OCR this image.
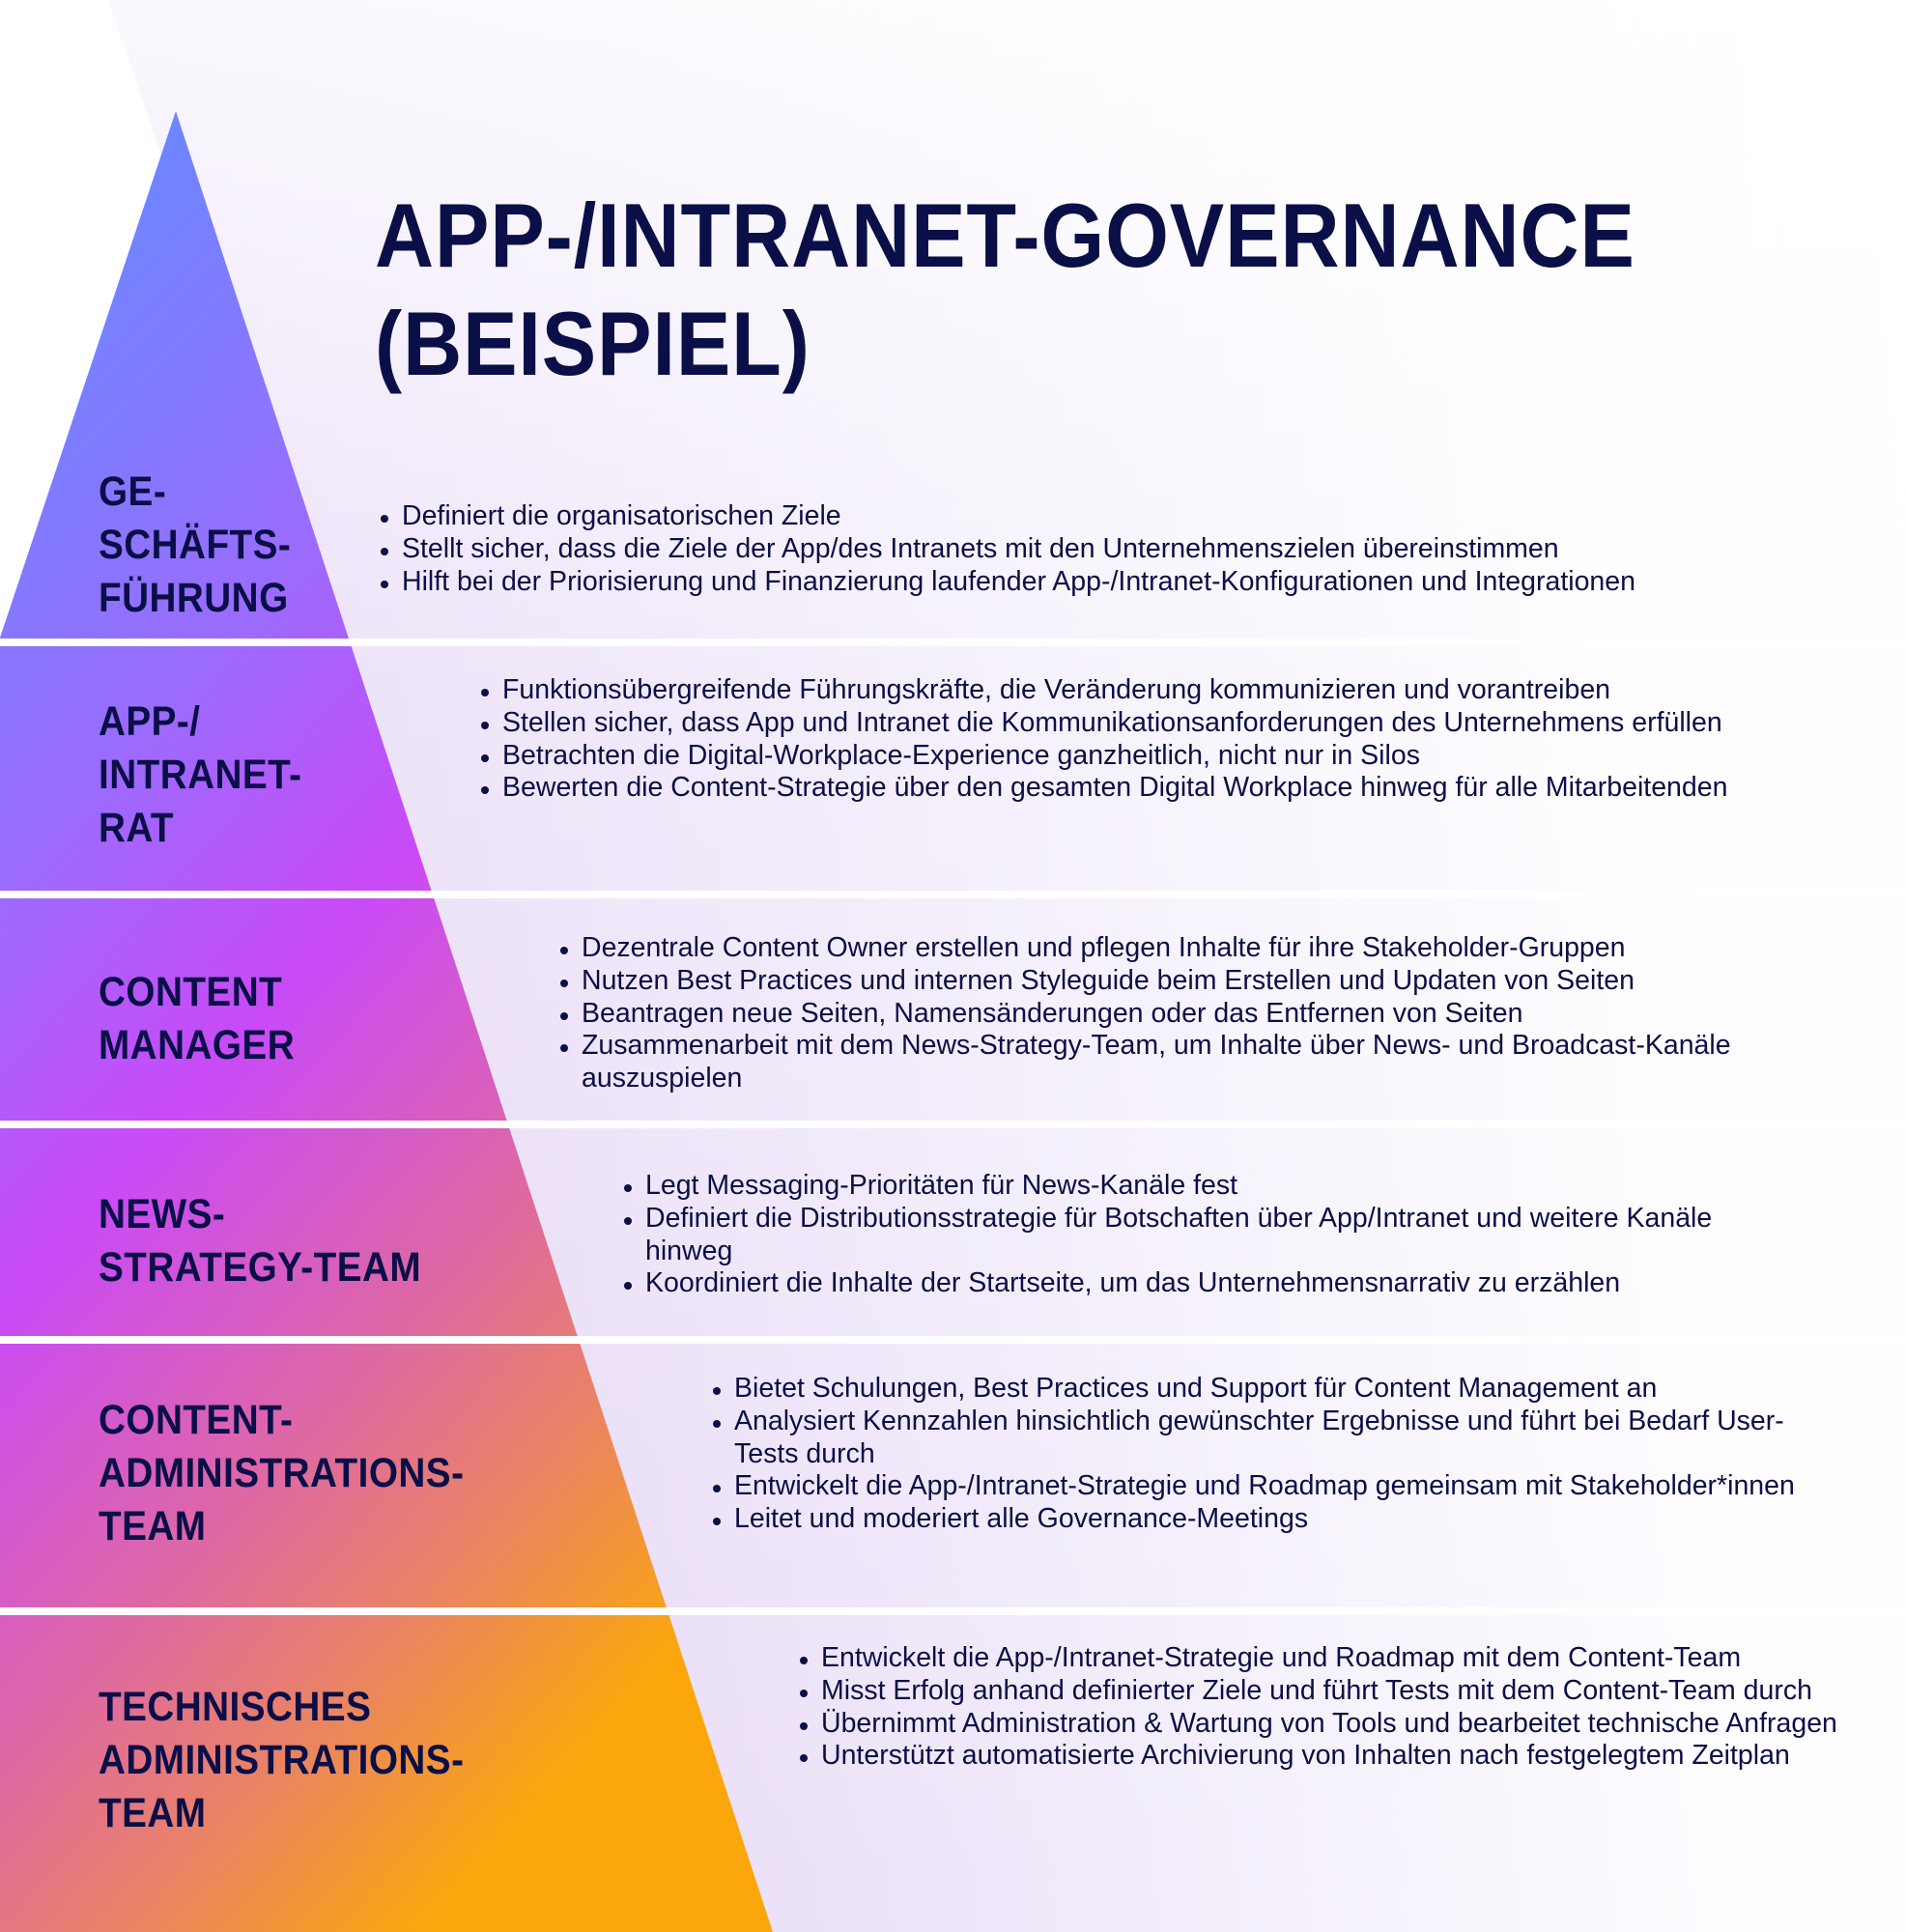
APP-/INTRANET-GOVERNANCE
(BEISPIEL)
GE-
SCHÄFTS-
FÜHRUNG
Definiert die organisatorischen Ziele
Stellt sicher, dass die Ziele der App/des Intranets mit den Unternehmenszielen übereinstimmen
Hilft bei der Priorisierung und Finanzierung laufender App-/Intranet-Konfigurationen und Integrationen
APP-/
INTRANET-
RAT
Funktionsübergreifende Führungskräfte, die Veränderung kommunizieren und vorantreiben
Stellen sicher, dass App und Intranet die Kommunikationsanforderungen des Unternehmens erfüllen
Betrachten die Digital-Workplace-Experience ganzheitlich, nicht nur in Silos
Bewerten die Content-Strategie über den gesamten Digital Workplace hinweg für alle Mitarbeitenden
CONTENT
MANAGER
Dezentrale Content Owner erstellen und pflegen Inhalte für ihre Stakeholder-Gruppen
Nutzen Best Practices und internen Styleguide beim Erstellen und Updaten von Seiten
Beantragen neue Seiten, Namensänderungen oder das Entfernen von Seiten
Zusammenarbeit mit dem News-Strategy-Team, um Inhalte über News- und Broadcast-Kanäle auszuspielen
NEWS-
STRATEGY-TEAM
Legt Messaging-Prioritäten für News-Kanäle fest
Definiert die Distributionsstrategie für Botschaften über App/Intranet und weitere Kanäle hinweg
Koordiniert die Inhalte der Startseite, um das Unternehmensnarrativ zu erzählen
CONTENT-
ADMINISTRATIONS-
TEAM
Bietet Schulungen, Best Practices und Support für Content Management an
Analysiert Kennzahlen hinsichtlich gewünschter Ergebnisse und führt bei Bedarf User-Tests durch
Entwickelt die App-/Intranet-Strategie und Roadmap gemeinsam mit Stakeholder*innen
Leitet und moderiert alle Governance-Meetings
TECHNISCHES
ADMINISTRATIONS-
TEAM
Entwickelt die App-/Intranet-Strategie und Roadmap mit dem Content-Team
Misst Erfolg anhand definierter Ziele und führt Tests mit dem Content-Team durch
Übernimmt Administration & Wartung von Tools und bearbeitet technische Anfragen
Unterstützt automatisierte Archivierung von Inhalten nach festgelegtem Zeitplan
